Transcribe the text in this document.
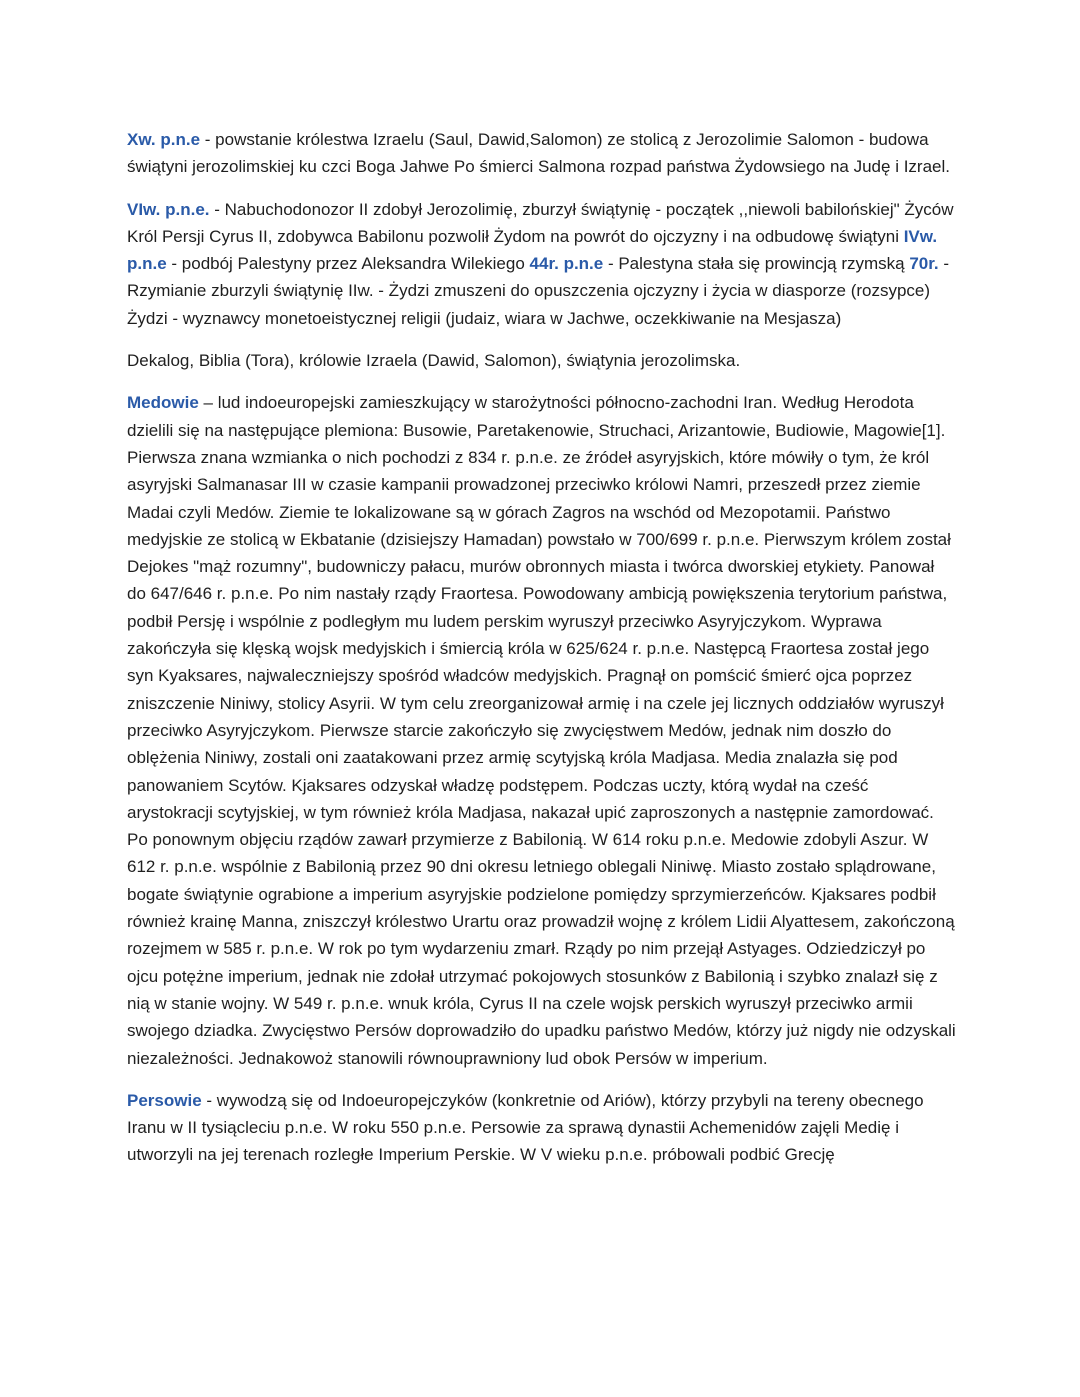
Xw. p.n.e - powstanie królestwa Izraelu (Saul, Dawid,Salomon) ze stolicą z Jerozolimie Salomon - budowa świątyni jerozolimskiej ku czci Boga Jahwe Po śmierci Salmona rozpad państwa Żydowsiego na Judę i Izrael.

VIw. p.n.e. - Nabuchodonozor II zdobył Jerozolimię, zburzył świątynię - początek ,,niewoli babilońskiej" Życów Król Persji Cyrus II, zdobywca Babilonu pozwolił Żydom na powrót do ojczyzny i na odbudowę świątyni IVw. p.n.e - podbój Palestyny przez Aleksandra Wilekiego 44r. p.n.e - Palestyna stała się prowincją rzymską 70r. - Rzymianie zburzyli świątynię IIw. - Żydzi zmuszeni do opuszczenia ojczyzny i życia w diasporze (rozsypce) Żydzi - wyznawcy monetoeistycznej religii (judaiz, wiara w Jachwe, oczekkiwanie na Mesjasza)

Dekalog, Biblia (Tora), królowie Izraela (Dawid, Salomon), świątynia jerozolimska.

Medowie – lud indoeuropejski zamieszkujący w starożytności północno-zachodni Iran. Według Herodota dzielili się na następujące plemiona: Busowie, Paretakenowie, Struchaci, Arizantowie, Budiowie, Magowie[1]. Pierwsza znana wzmianka o nich pochodzi z 834 r. p.n.e. ze źródeł asyryjskich, które mówiły o tym, że król asyryjski Salmanasar III w czasie kampanii prowadzonej przeciwko królowi Namri, przeszedł przez ziemie Madai czyli Medów. Ziemie te lokalizowane są w górach Zagros na wschód od Mezopotamii. Państwo medyjskie ze stolicą w Ekbatanie (dzisiejszy Hamadan) powstało w 700/699 r. p.n.e. Pierwszym królem został Dejokes "mąż rozumny", budowniczy pałacu, murów obronnych miasta i twórca dworskiej etykiety. Panował do 647/646 r. p.n.e. Po nim nastały rządy Fraortesa. Powodowany ambicją powiększenia terytorium państwa, podbił Persję i wspólnie z podległym mu ludem perskim wyruszył przeciwko Asyryjczykom. Wyprawa zakończyła się klęską wojsk medyjskich i śmiercią króla w 625/624 r. p.n.e. Następcą Fraortesa został jego syn Kyaksares, najwaleczniejszy spośród władców medyjskich. Pragnął on pomścić śmierć ojca poprzez zniszczenie Niniwy, stolicy Asyrii. W tym celu zreorganizował armię i na czele jej licznych oddziałów wyruszył przeciwko Asyryjczykom. Pierwsze starcie zakończyło się zwycięstwem Medów, jednak nim doszło do oblężenia Niniwy, zostali oni zaatakowani przez armię scytyjską króla Madjasa. Media znalazła się pod panowaniem Scytów. Kjaksares odzyskał władzę podstępem. Podczas uczty, którą wydał na cześć arystokracji scytyjskiej, w tym również króla Madjasa, nakazał upić zaproszonych a następnie zamordować. Po ponownym objęciu rządów zawarł przymierze z Babilonią. W 614 roku p.n.e. Medowie zdobyli Aszur. W 612 r. p.n.e. wspólnie z Babilonią przez 90 dni okresu letniego oblegali Niniwę. Miasto zostało splądrowane, bogate świątynie ograbione a imperium asyryjskie podzielone pomiędzy sprzymierzeńców. Kjaksares podbił również krainę Manna, zniszczył królestwo Urartu oraz prowadził wojnę z królem Lidii Alyattesem, zakończoną rozejmem w 585 r. p.n.e. W rok po tym wydarzeniu zmarł. Rządy po nim przejął Astyages. Odziedziczył po ojcu potężne imperium, jednak nie zdołał utrzymać pokojowych stosunków z Babilonią i szybko znalazł się z nią w stanie wojny. W 549 r. p.n.e. wnuk króla, Cyrus II na czele wojsk perskich wyruszył przeciwko armii swojego dziadka. Zwycięstwo Persów doprowadziło do upadku państwo Medów, którzy już nigdy nie odzyskali niezależności. Jednakowoż stanowili równouprawniony lud obok Persów w imperium.

Persowie - wywodzą się od Indoeuropejczyków (konkretnie od Ariów), którzy przybyli na tereny obecnego Iranu w II tysiącleciu p.n.e. W roku 550 p.n.e. Persowie za sprawą dynastii Achemenidów zajęli Medię i utworzyli na jej terenach rozległe Imperium Perskie. W V wieku p.n.e. próbowali podbić Grecję
